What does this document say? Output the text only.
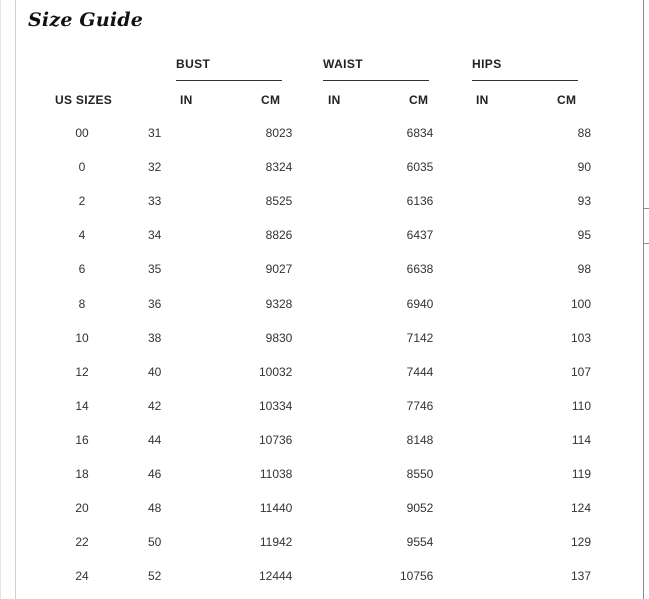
Size Guide
BUST	WAIST	HIPS
US SIZES	IN	CM	IN	CM	IN	CM
00	31	80	23	68	34	88
0	32	83	24	60	35	90
2	33	85	25	61	36	93
4	34	88	26	64	37	95
6	35	90	27	66	38	98
8	36	93	28	69	40	100
10	38	98	30	71	42	103
12	40	100	32	74	44	107
14	42	103	34	77	46	110
16	44	107	36	81	48	114
18	46	110	38	85	50	119
20	48	114	40	90	52	124
22	50	119	42	95	54	129
24	52	124	44	107	56	137
